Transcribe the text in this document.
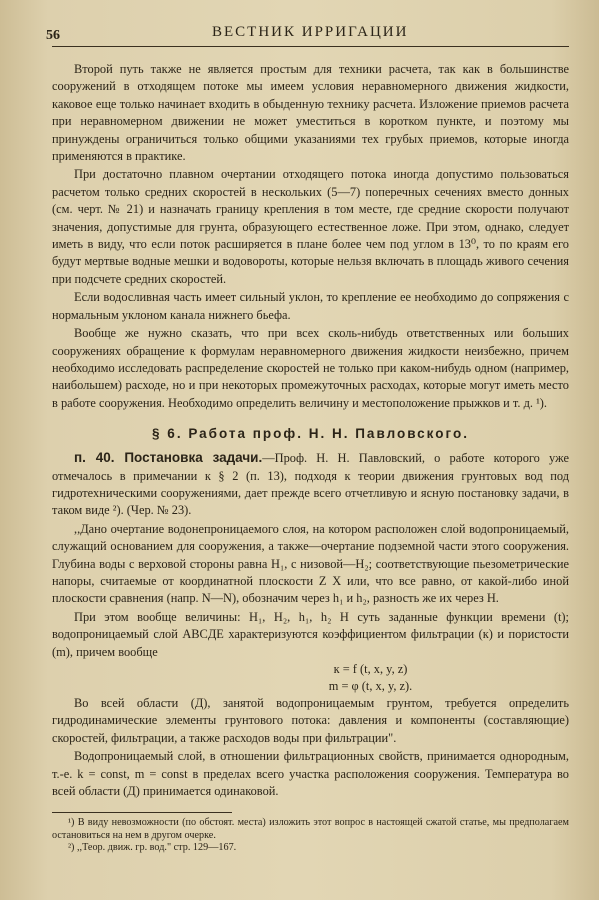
56	ВЕСТНИК ИРРИГАЦИИ

Второй путь также не является простым для техники расчета, так как в большинстве сооружений в отходящем потоке мы имеем условия неравномерного движения жидкости, каковое еще только начинает входить в обыденную технику расчета. Изложение приемов расчета при неравномерном движении не может уместиться в коротком пункте, и поэтому мы принуждены ограничиться только общими указаниями тех грубых приемов, которые иногда применяются в практике.

При достаточно плавном очертании отходящего потока иногда допустимо пользоваться расчетом только средних скоростей в нескольких (5—7) поперечных сечениях вместо донных (см. черт. № 21) и назначать границу крепления в том месте, где средние скорости получают значения, допустимые для грунта, образующего естественное ложе. При этом, однако, следует иметь в виду, что если поток расширяется в плане более чем под углом в 13⁰, то по краям его будут мертвые водные мешки и водовороты, которые нельзя включать в площадь живого сечения при подсчете средних скоростей.

Если водосливная часть имеет сильный уклон, то крепление ее необходимо до сопряжения с нормальным уклоном канала нижнего бьефа.

Вообще же нужно сказать, что при всех сколь-нибудь ответственных или больших сооружениях обращение к формулам неравномерного движения жидкости неизбежно, причем необходимо исследовать распределение скоростей не только при каком-нибудь одном (например, наибольшем) расходе, но и при некоторых промежуточных расходах, которые могут иметь место в работе сооружения. Необходимо определить величину и местоположение прыжков и т. д. ¹).

§ 6. Работа проф. Н. Н. Павловского.

п. 40. Постановка задачи.—Проф. Н. Н. Павловский, о работе которого уже отмечалось в примечании к § 2 (п. 13), подходя к теории движения грунтовых вод под гидротехническими сооружениями, дает прежде всего отчетливую и ясную постановку задачи, в таком виде ²). (Чер. № 23).

,,Дано очертание водонепроницаемого слоя, на котором расположен слой водопроницаемый, служащий основанием для сооружения, а также—очертание подземной части этого сооружения. Глубина воды с верховой стороны равна H₁, с низовой—H₂; соответствующие пьезометрические напоры, считаемые от координатной плоскости Z X или, что все равно, от какой-либо иной плоскости сравнения (напр. N—N), обозначим через h₁ и h₂, разность же их через H.

При этом вообще величины: H₁, H₂, h₁, h₂ H суть заданные функции времени (t); водопроницаемый слой ABCДE характеризуются коэффициентом фильтрации (к) и пористости (m), причем вообще

к = f (t, x, y, z)
m = φ (t, x, y, z).

Во всей области (Д), занятой водопроницаемым грунтом, требуется определить гидродинамические элементы грунтового потока: давления и компоненты (составляющие) скоростей, фильтрации, а также расходов воды при фильтрации".

Водопроницаемый слой, в отношении фильтрационных свойств, принимается однородным, т.-е. k = const, m = const в пределах всего участка расположения сооружения. Температура во всей области (Д) принимается одинаковой.

¹) В виду невозможности (по обстоят. места) изложить этот вопрос в настоящей сжатой статье, мы предполагаем остановиться на нем в другом очерке.

²) ,,Теор. движ. гр. вод." стр. 129—167.
